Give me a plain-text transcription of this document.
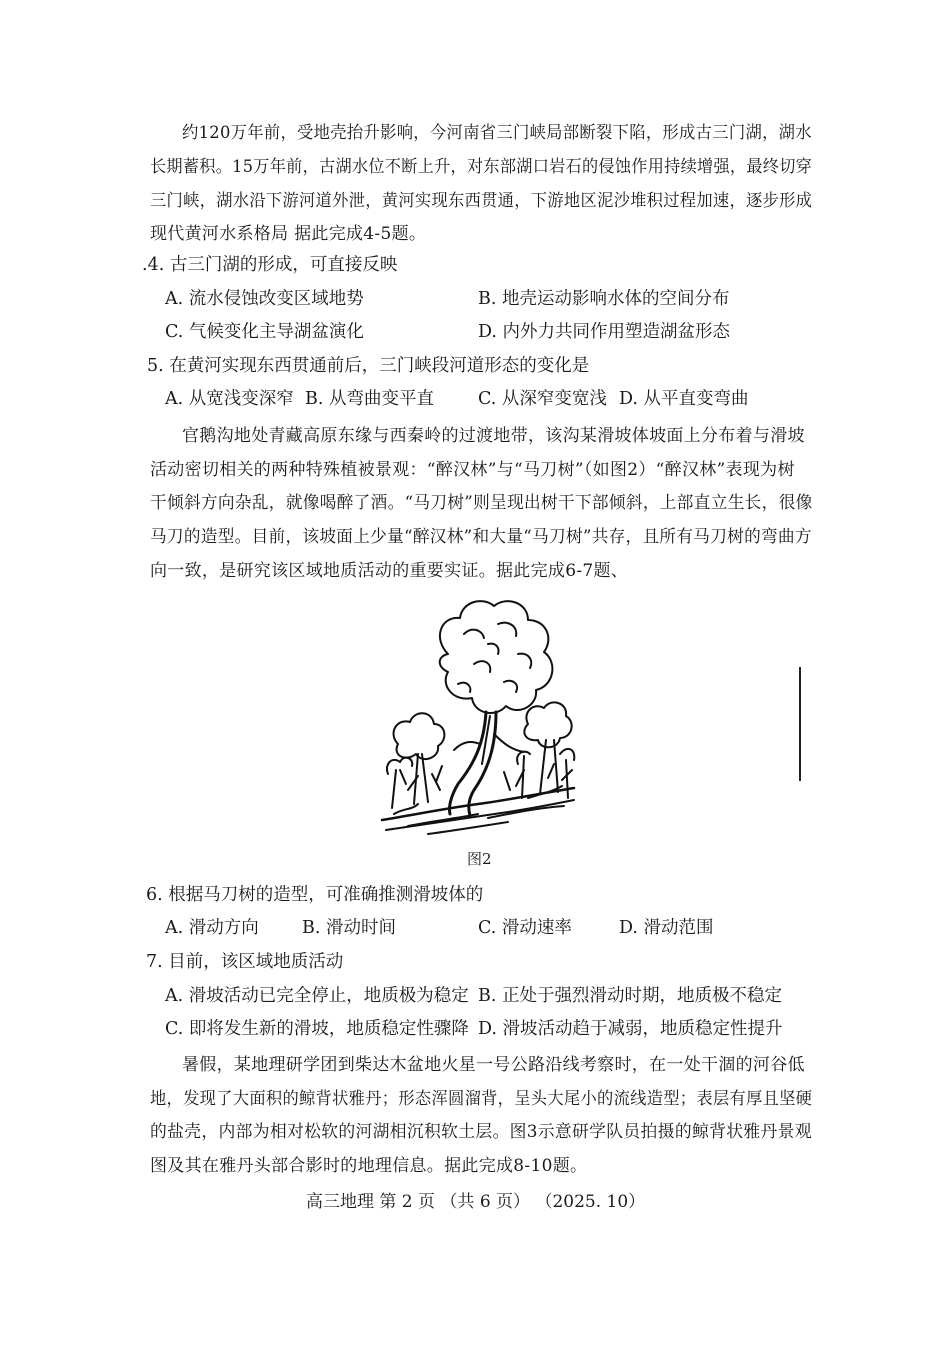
约120万年前，受地壳抬升影响，今河南省三门峡局部断裂下陷，形成古三门湖，湖水
长期蓄积。15万年前，古湖水位不断上升，对东部湖口岩石的侵蚀作用持续增强，最终切穿
三门峡，湖水沿下游河道外泄，黄河实现东西贯通，下游地区泥沙堆积过程加速，逐步形成
现代黄河水系格局 据此完成4-5题。
.4. 古三门湖的形成，可直接反映
A. 流水侵蚀改变区域地势	B. 地壳运动影响水体的空间分布
C. 气候变化主导湖盆演化	D. 内外力共同作用塑造湖盆形态
5. 在黄河实现东西贯通前后，三门峡段河道形态的变化是
A. 从宽浅变深窄 B. 从弯曲变平直	C. 从深窄变宽浅 D. 从平直变弯曲
官鹅沟地处青藏高原东缘与西秦岭的过渡地带，该沟某滑坡体坡面上分布着与滑坡
活动密切相关的两种特殊植被景观：“醉汉林”与“马刀树”（如图2）“醉汉林”表现为树
干倾斜方向杂乱，就像喝醉了酒。“马刀树”则呈现出树干下部倾斜，上部直立生长，很像
马刀的造型。目前，该坡面上少量“醉汉林”和大量“马刀树”共存，且所有马刀树的弯曲方
向一致，是研究该区域地质活动的重要实证。据此完成6-7题、
图2
6. 根据马刀树的造型，可准确推测滑坡体的
A. 滑动方向 B. 滑动时间	C. 滑动速率	D. 滑动范围
7. 目前，该区域地质活动
A. 滑坡活动已完全停止，地质极为稳定 B. 正处于强烈滑动时期，地质极不稳定
C. 即将发生新的滑坡，地质稳定性骤降 D. 滑坡活动趋于减弱，地质稳定性提升
暑假，某地理研学团到柴达木盆地火星一号公路沿线考察时，在一处干涸的河谷低
地，发现了大面积的鲸背状雅丹；形态浑圆溜背，呈头大尾小的流线造型；表层有厚且坚硬
的盐壳，内部为相对松软的河湖相沉积软土层。图3示意研学队员拍摄的鲸背状雅丹景观
图及其在雅丹头部合影时的地理信息。据此完成8-10题。
高三地理 第 2 页 （共 6 页） （2025. 10）
